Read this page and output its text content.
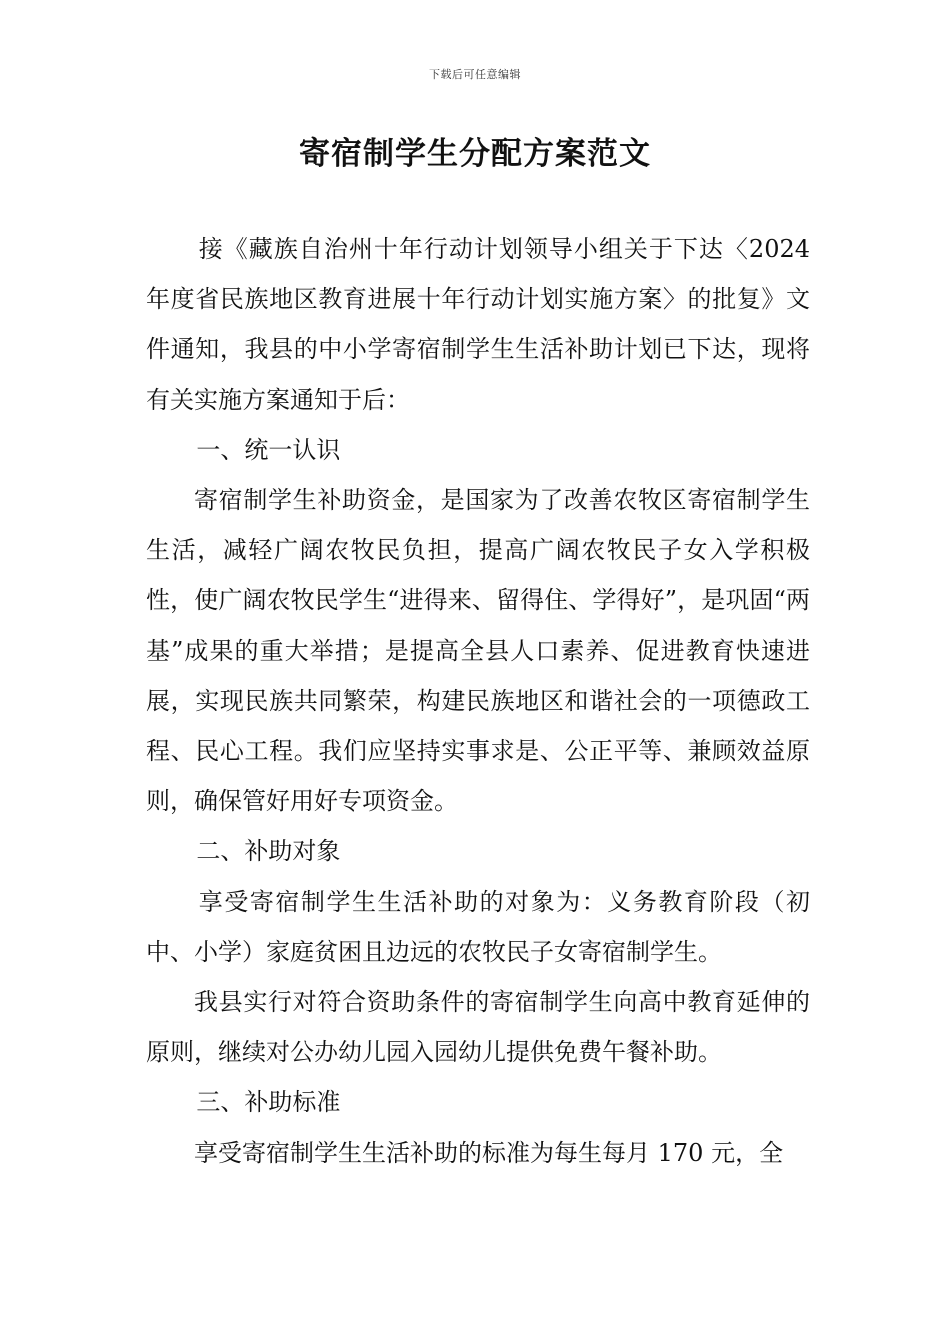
下载后可任意编辑
寄宿制学生分配方案范文

接《藏族自治州十年行动计划领导小组关于下达〈2024年度省民族地区教育进展十年行动计划实施方案〉的批复》文件通知，我县的中小学寄宿制学生生活补助计划已下达，现将有关实施方案通知于后：

一、统一认识

寄宿制学生补助资金，是国家为了改善农牧区寄宿制学生生活，减轻广阔农牧民负担，提高广阔农牧民子女入学积极性，使广阔农牧民学生“进得来、留得住、学得好”，是巩固“两基”成果的重大举措；是提高全县人口素养、促进教育快速进展，实现民族共同繁荣，构建民族地区和谐社会的一项德政工程、民心工程。我们应坚持实事求是、公正平等、兼顾效益原则，确保管好用好专项资金。

二、补助对象

享受寄宿制学生生活补助的对象为：义务教育阶段（初中、小学）家庭贫困且边远的农牧民子女寄宿制学生。

我县实行对符合资助条件的寄宿制学生向高中教育延伸的原则，继续对公办幼儿园入园幼儿提供免费午餐补助。

三、补助标准

享受寄宿制学生生活补助的标准为每生每月 170 元，全
